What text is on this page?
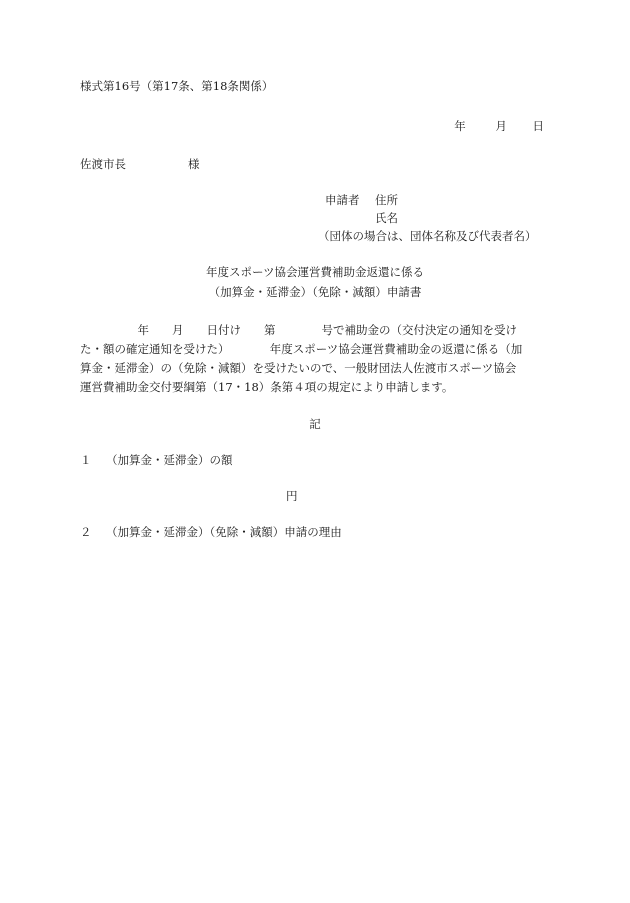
様式第16号（第17条、第18条関係）
年	月 日
佐渡市長	様
申請者 住所
氏名
（団体の場合は、団体名称及び代表者名）
年度スポーツ協会運営費補助金返還に係る
（加算金・延滞金）（免除・減額）申請書

　　　　　年　　月　　日付け　　第　　　　号で補助金の（交付決定の通知を受け

た・額の確定通知を受けた）　　　　年度スポーツ協会運営費補助金の返還に係る（加

算金・延滞金）の（免除・減額）を受けたいので、一般財団法人佐渡市スポーツ協会

運営費補助金交付要綱第（17・18）条第４項の規定により申請します。

記
１ （加算金・延滞金）の額
円
２ （加算金・延滞金）（免除・減額）申請の理由
